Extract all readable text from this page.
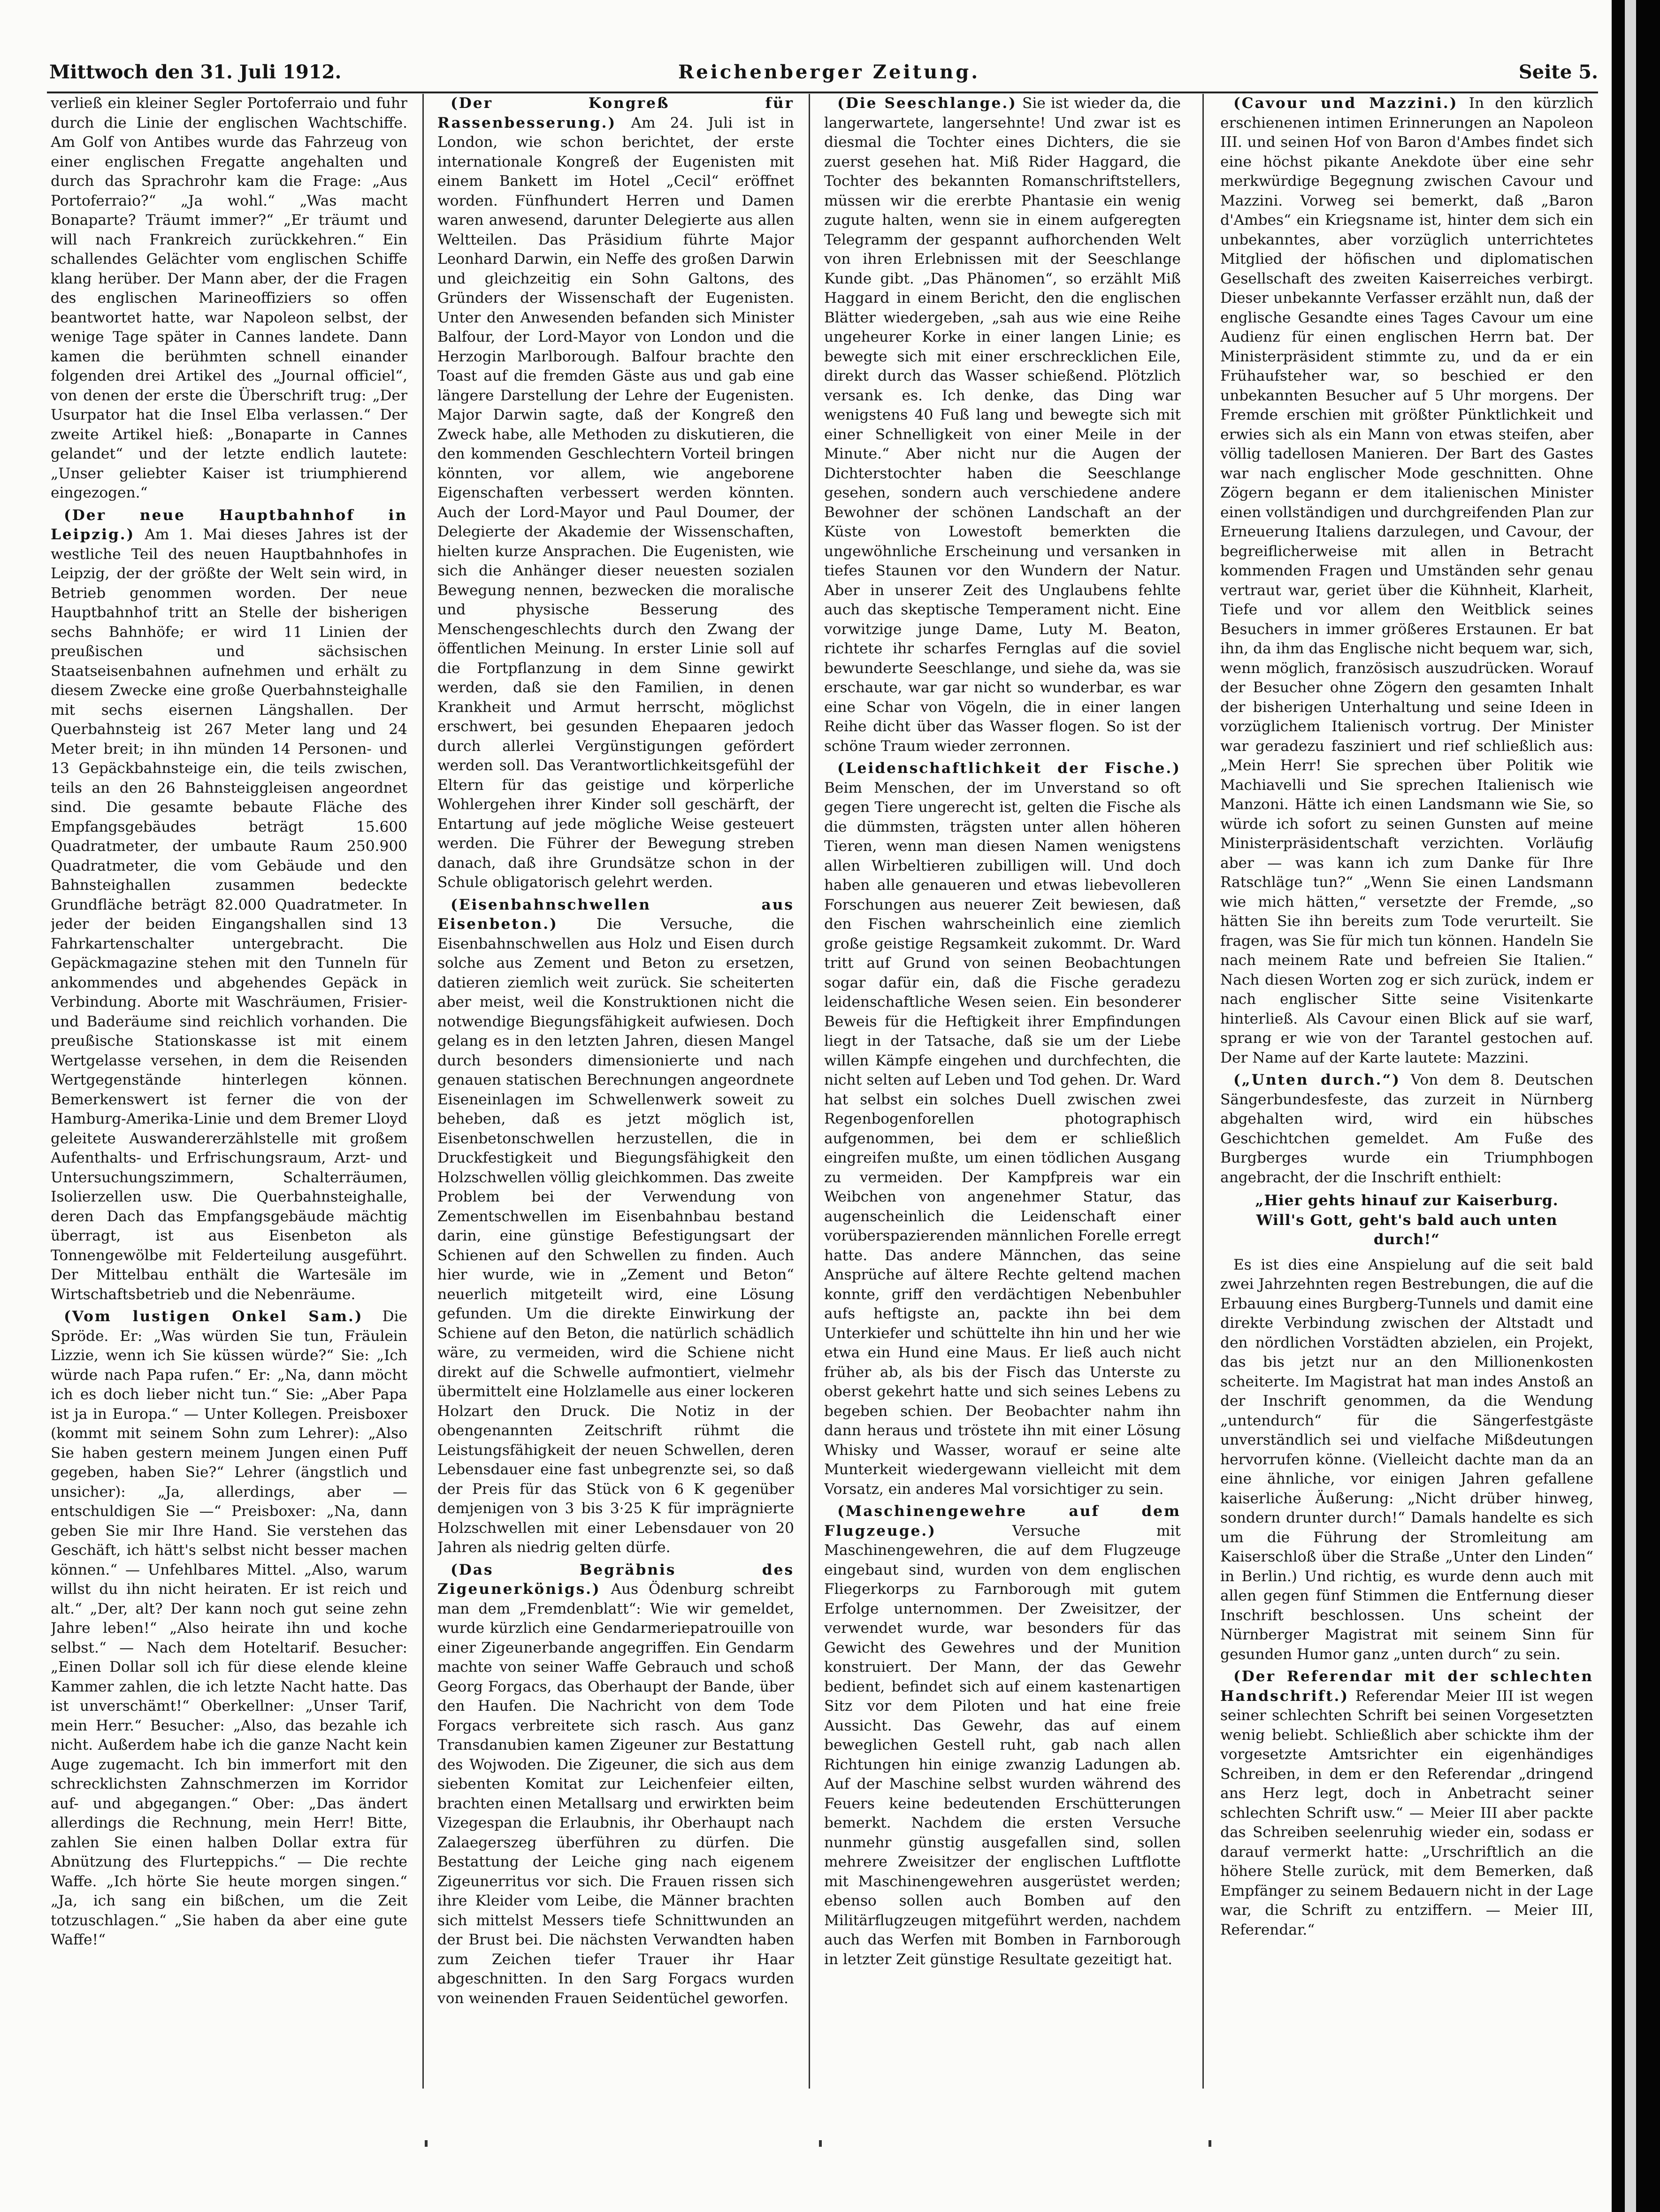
Mittwoch den 31. Juli 1912.	Reichenberger Zeitung.	Seite 5.

verließ ein kleiner Segler Portoferraio und fuhr durch die Linie der englischen Wachtschiffe. Am Golf von Antibes wurde das Fahrzeug von einer englischen Fregatte angehalten und durch das Sprachrohr kam die Frage: „Aus Portoferraio?“ „Ja wohl.“ „Was macht Bonaparte? Träumt immer?“ „Er träumt und will nach Frankreich zurückkehren.“ Ein schallendes Gelächter vom englischen Schiffe klang herüber. Der Mann aber, der die Fragen des englischen Marineoffiziers so offen beantwortet hatte, war Napoleon selbst, der wenige Tage später in Cannes landete. Dann kamen die berühmten schnell einander folgenden drei Artikel des „Journal officiel“, von denen der erste die Überschrift trug: „Der Usurpator hat die Insel Elba verlassen.“ Der zweite Artikel hieß: „Bonaparte in Cannes gelandet“ und der letzte endlich lautete: „Unser geliebter Kaiser ist triumphierend eingezogen.“

(Der neue Hauptbahnhof in Leipzig.) Am 1. Mai dieses Jahres ist der westliche Teil des neuen Hauptbahnhofes in Leipzig, der der größte der Welt sein wird, in Betrieb genommen worden. Der neue Hauptbahnhof tritt an Stelle der bisherigen sechs Bahnhöfe; er wird 11 Linien der preußischen und sächsischen Staatseisenbahnen aufnehmen und erhält zu diesem Zwecke eine große Querbahnsteighalle mit sechs eisernen Längshallen. Der Querbahnsteig ist 267 Meter lang und 24 Meter breit; in ihn münden 14 Personen- und 13 Gepäckbahnsteige ein, die teils zwischen, teils an den 26 Bahnsteiggleisen angeordnet sind. Die gesamte bebaute Fläche des Empfangsgebäudes beträgt 15.600 Quadratmeter, der umbaute Raum 250.900 Quadratmeter, die vom Gebäude und den Bahnsteighallen zusammen bedeckte Grundfläche beträgt 82.000 Quadratmeter. In jeder der beiden Eingangshallen sind 13 Fahrkartenschalter untergebracht. Die Gepäckmagazine stehen mit den Tunneln für ankommendes und abgehendes Gepäck in Verbindung. Aborte mit Waschräumen, Frisier- und Baderäume sind reichlich vorhanden. Die preußische Stationskasse ist mit einem Wertgelasse versehen, in dem die Reisenden Wertgegenstände hinterlegen können. Bemerkenswert ist ferner die von der Hamburg-Amerika-Linie und dem Bremer Lloyd geleitete Auswandererzählstelle mit großem Aufenthalts- und Erfrischungsraum, Arzt- und Untersuchungszimmern, Schalterräumen, Isolierzellen usw. Die Querbahnsteighalle, deren Dach das Empfangsgebäude mächtig überragt, ist aus Eisenbeton als Tonnengewölbe mit Felderteilung ausgeführt. Der Mittelbau enthält die Wartesäle im Wirtschaftsbetrieb und die Nebenräume.

(Vom lustigen Onkel Sam.) Die Spröde. Er: „Was würden Sie tun, Fräulein Lizzie, wenn ich Sie küssen würde?“ Sie: „Ich würde nach Papa rufen.“ Er: „Na, dann möcht ich es doch lieber nicht tun.“ Sie: „Aber Papa ist ja in Europa.“ — Unter Kollegen. Preisboxer (kommt mit seinem Sohn zum Lehrer): „Also Sie haben gestern meinem Jungen einen Puff gegeben, haben Sie?“ Lehrer (ängstlich und unsicher): „Ja, allerdings, aber — entschuldigen Sie —“ Preisboxer: „Na, dann geben Sie mir Ihre Hand. Sie verstehen das Geschäft, ich hätt's selbst nicht besser machen können.“ — Unfehlbares Mittel. „Also, warum willst du ihn nicht heiraten. Er ist reich und alt.“ „Der, alt? Der kann noch gut seine zehn Jahre leben!“ „Also heirate ihn und koche selbst.“ — Nach dem Hoteltarif. Besucher: „Einen Dollar soll ich für diese elende kleine Kammer zahlen, die ich letzte Nacht hatte. Das ist unverschämt!“ Oberkellner: „Unser Tarif, mein Herr.“ Besucher: „Also, das bezahle ich nicht. Außerdem habe ich die ganze Nacht kein Auge zugemacht. Ich bin immerfort mit den schrecklichsten Zahnschmerzen im Korridor auf- und abgegangen.“ Ober: „Das ändert allerdings die Rechnung, mein Herr! Bitte, zahlen Sie einen halben Dollar extra für Abnützung des Flurteppichs.“ — Die rechte Waffe. „Ich hörte Sie heute morgen singen.“ „Ja, ich sang ein bißchen, um die Zeit totzuschlagen.“ „Sie haben da aber eine gute Waffe!“

(Der Kongreß für Rassenbesserung.) Am 24. Juli ist in London, wie schon berichtet, der erste internationale Kongreß der Eugenisten mit einem Bankett im Hotel „Cecil“ eröffnet worden. Fünfhundert Herren und Damen waren anwesend, darunter Delegierte aus allen Weltteilen. Das Präsidium führte Major Leonhard Darwin, ein Neffe des großen Darwin und gleichzeitig ein Sohn Galtons, des Gründers der Wissenschaft der Eugenisten. Unter den Anwesenden befanden sich Minister Balfour, der Lord-Mayor von London und die Herzogin Marlborough. Balfour brachte den Toast auf die fremden Gäste aus und gab eine längere Darstellung der Lehre der Eugenisten. Major Darwin sagte, daß der Kongreß den Zweck habe, alle Methoden zu diskutieren, die den kommenden Geschlechtern Vorteil bringen könnten, vor allem, wie angeborene Eigenschaften verbessert werden könnten. Auch der Lord-Mayor und Paul Doumer, der Delegierte der Akademie der Wissenschaften, hielten kurze Ansprachen. Die Eugenisten, wie sich die Anhänger dieser neuesten sozialen Bewegung nennen, bezwecken die moralische und physische Besserung des Menschengeschlechts durch den Zwang der öffentlichen Meinung. In erster Linie soll auf die Fortpflanzung in dem Sinne gewirkt werden, daß sie den Familien, in denen Krankheit und Armut herrscht, möglichst erschwert, bei gesunden Ehepaaren jedoch durch allerlei Vergünstigungen gefördert werden soll. Das Verantwortlichkeitsgefühl der Eltern für das geistige und körperliche Wohlergehen ihrer Kinder soll geschärft, der Entartung auf jede mögliche Weise gesteuert werden. Die Führer der Bewegung streben danach, daß ihre Grundsätze schon in der Schule obligatorisch gelehrt werden.

(Eisenbahnschwellen aus Eisenbeton.)	Die Versuche, die Eisenbahnschwellen aus Holz und Eisen durch solche aus Zement und Beton zu ersetzen, datieren ziemlich weit zurück. Sie scheiterten aber meist, weil die Konstruktionen nicht die notwendige Biegungsfähigkeit aufwiesen. Doch gelang es in den letzten Jahren, diesen Mangel durch besonders dimensionierte und nach genauen statischen Berechnungen angeordnete Eiseneinlagen im Schwellenwerk soweit zu beheben, daß es jetzt möglich ist, Eisenbetonschwellen herzustellen, die in Druckfestigkeit und Biegungsfähigkeit den Holzschwellen völlig gleichkommen. Das zweite Problem bei der Verwendung von Zementschwellen im Eisenbahnbau bestand darin, eine günstige Befestigungsart der Schienen auf den Schwellen zu finden. Auch hier wurde, wie in „Zement und Beton“ neuerlich mitgeteilt wird, eine Lösung gefunden. Um die direkte Einwirkung der Schiene auf den Beton, die natürlich schädlich wäre, zu vermeiden, wird die Schiene nicht direkt auf die Schwelle aufmontiert, vielmehr übermittelt eine Holzlamelle aus einer lockeren Holzart den Druck. Die Notiz in der obengenannten Zeitschrift rühmt die Leistungsfähigkeit der neuen Schwellen, deren Lebensdauer eine fast unbegrenzte sei, so daß der Preis für das Stück von 6 K gegenüber demjenigen von 3 bis 3·25 K für imprägnierte Holzschwellen mit einer Lebensdauer von 20 Jahren als niedrig gelten dürfe.

(Das Begräbnis des Zigeunerkönigs.) Aus Ödenburg schreibt man dem „Fremdenblatt“: Wie wir gemeldet, wurde kürzlich eine Gendarmeriepatrouille von einer Zigeunerbande angegriffen. Ein Gendarm machte von seiner Waffe Gebrauch und schoß Georg Forgacs, das Oberhaupt der Bande, über den Haufen. Die Nachricht von dem Tode Forgacs verbreitete sich rasch. Aus ganz Transdanubien kamen Zigeuner zur Bestattung des Wojwoden. Die Zigeuner, die sich aus dem siebenten Komitat zur Leichenfeier eilten, brachten einen Metallsarg und erwirkten beim Vizegespan die Erlaubnis, ihr Oberhaupt nach Zalaegerszeg überführen zu dürfen. Die Bestattung der Leiche ging nach eigenem Zigeunerritus vor sich. Die Frauen rissen sich ihre Kleider vom Leibe, die Männer brachten sich mittelst Messers tiefe Schnittwunden an der Brust bei. Die nächsten Verwandten haben zum Zeichen tiefer Trauer ihr Haar abgeschnitten. In den Sarg Forgacs wurden von weinenden Frauen Seidentüchel geworfen.

(Die Seeschlange.) Sie ist wieder da, die langerwartete, langersehnte! Und zwar ist es diesmal die Tochter eines Dichters, die sie zuerst gesehen hat. Miß Rider Haggard, die Tochter des bekannten Romanschriftstellers, müssen wir die ererbte Phantasie ein wenig zugute halten, wenn sie in einem aufgeregten Telegramm der gespannt aufhorchenden Welt von ihren Erlebnissen mit der Seeschlange Kunde gibt. „Das Phänomen“, so erzählt Miß Haggard in einem Bericht, den die englischen Blätter wiedergeben, „sah aus wie eine Reihe ungeheurer Korke in einer langen Linie; es bewegte sich mit einer erschrecklichen Eile, direkt durch das Wasser schießend. Plötzlich versank es. Ich denke, das Ding war wenigstens 40 Fuß lang und bewegte sich mit einer Schnelligkeit von einer Meile in der Minute.“ Aber nicht nur die Augen der Dichterstochter haben die Seeschlange gesehen, sondern auch verschiedene andere Bewohner der schönen Landschaft an der Küste von Lowestoft bemerkten die ungewöhnliche Erscheinung und versanken in tiefes Staunen vor den Wundern der Natur. Aber in unserer Zeit des Unglaubens fehlte auch das skeptische Temperament nicht. Eine vorwitzige junge Dame, Luty M. Beaton, richtete ihr scharfes Fernglas auf die soviel bewunderte Seeschlange, und siehe da, was sie erschaute, war gar nicht so wunderbar, es war eine Schar von Vögeln, die in einer langen Reihe dicht über das Wasser flogen. So ist der schöne Traum wieder zerronnen.

(Leidenschaftlichkeit der Fische.) Beim Menschen, der im Unverstand so oft gegen Tiere ungerecht ist, gelten die Fische als die dümmsten, trägsten unter allen höheren Tieren, wenn man diesen Namen wenigstens allen Wirbeltieren zubilligen will. Und doch haben alle genaueren und etwas liebevolleren Forschungen aus neuerer Zeit bewiesen, daß den Fischen wahrscheinlich eine ziemlich große geistige Regsamkeit zukommt. Dr. Ward tritt auf Grund von seinen Beobachtungen sogar dafür ein, daß die Fische geradezu leidenschaftliche Wesen seien. Ein besonderer Beweis für die Heftigkeit ihrer Empfindungen liegt in der Tatsache, daß sie um der Liebe willen Kämpfe eingehen und durchfechten, die nicht selten auf Leben und Tod gehen. Dr. Ward hat selbst ein solches Duell zwischen zwei Regenbogenforellen photographisch aufgenommen, bei dem er schließlich eingreifen mußte, um einen tödlichen Ausgang zu vermeiden. Der Kampfpreis war ein Weibchen von angenehmer Statur, das augenscheinlich die Leidenschaft einer vorüberspazierenden männlichen Forelle erregt hatte. Das andere Männchen, das seine Ansprüche auf ältere Rechte geltend machen konnte, griff den verdächtigen Nebenbuhler aufs heftigste an, packte ihn bei dem Unterkiefer und schüttelte ihn hin und her wie etwa ein Hund eine Maus. Er ließ auch nicht früher ab, als bis der Fisch das Unterste zu oberst gekehrt hatte und sich seines Lebens zu begeben schien. Der Beobachter nahm ihn dann heraus und tröstete ihn mit einer Lösung Whisky und Wasser, worauf er seine alte Munterkeit wiedergewann vielleicht mit dem Vorsatz, ein anderes Mal vorsichtiger zu sein.

(Maschinengewehre auf dem Flugzeuge.)	Versuche mit Maschinengewehren, die auf dem Flugzeuge eingebaut sind, wurden von dem englischen Fliegerkorps zu Farnborough mit gutem Erfolge unternommen. Der Zweisitzer, der verwendet wurde, war besonders für das Gewicht des Gewehres und der Munition konstruiert. Der Mann, der das Gewehr bedient, befindet sich auf einem kastenartigen Sitz vor dem Piloten und hat eine freie Aussicht. Das Gewehr, das auf einem beweglichen Gestell ruht, gab nach allen Richtungen hin einige zwanzig Ladungen ab. Auf der Maschine selbst wurden während des Feuers keine bedeutenden Erschütterungen bemerkt. Nachdem die ersten Versuche nunmehr günstig ausgefallen sind, sollen mehrere Zweisitzer der englischen Luftflotte mit Maschinengewehren ausgerüstet werden; ebenso sollen auch Bomben auf den Militärflugzeugen mitgeführt werden, nachdem auch das Werfen mit Bomben in Farnborough in letzter Zeit günstige Resultate gezeitigt hat.

(Cavour und Mazzini.) In den kürzlich erschienenen intimen Erinnerungen an Napoleon III. und seinen Hof von Baron d'Ambes findet sich eine höchst pikante Anekdote über eine sehr merkwürdige Begegnung zwischen Cavour und Mazzini. Vorweg sei bemerkt, daß „Baron d'Ambes“ ein Kriegsname ist, hinter dem sich ein unbekanntes, aber vorzüglich unterrichtetes Mitglied der höfischen und diplomatischen Gesellschaft des zweiten Kaiserreiches verbirgt. Dieser unbekannte Verfasser erzählt nun, daß der englische Gesandte eines Tages Cavour um eine Audienz für einen englischen Herrn bat. Der Ministerpräsident stimmte zu, und da er ein Frühaufsteher war, so beschied er den unbekannten Besucher auf 5 Uhr morgens. Der Fremde erschien mit größter Pünktlichkeit und erwies sich als ein Mann von etwas steifen, aber völlig tadellosen Manieren. Der Bart des Gastes war nach englischer Mode geschnitten. Ohne Zögern begann er dem italienischen Minister einen vollständigen und durchgreifenden Plan zur Erneuerung Italiens darzulegen, und Cavour, der begreiflicherweise mit allen in Betracht kommenden Fragen und Umständen sehr genau vertraut war, geriet über die Kühnheit, Klarheit, Tiefe und vor allem den Weitblick seines Besuchers in immer größeres Erstaunen. Er bat ihn, da ihm das Englische nicht bequem war, sich, wenn möglich, französisch auszudrücken. Worauf der Besucher ohne Zögern den gesamten Inhalt der bisherigen Unterhaltung und seine Ideen in vorzüglichem Italienisch vortrug. Der Minister war geradezu fasziniert und rief schließlich aus: „Mein Herr! Sie sprechen über Politik wie Machiavelli und Sie sprechen Italienisch wie Manzoni. Hätte ich einen Landsmann wie Sie, so würde ich sofort zu seinen Gunsten auf meine Ministerpräsidentschaft verzichten. Vorläufig aber — was kann ich zum Danke für Ihre Ratschläge tun?“ „Wenn Sie einen Landsmann wie mich hätten,“ versetzte der Fremde, „so hätten Sie ihn bereits zum Tode verurteilt. Sie fragen, was Sie für mich tun können. Handeln Sie nach meinem Rate und befreien Sie Italien.“ Nach diesen Worten zog er sich zurück, indem er nach englischer Sitte seine Visitenkarte hinterließ. Als Cavour einen Blick auf sie warf, sprang er wie von der Tarantel gestochen auf. Der Name auf der Karte lautete: Mazzini.

(„Unten durch.“) Von dem 8. Deutschen Sängerbundesfeste, das zurzeit in Nürnberg abgehalten wird, wird ein hübsches Geschichtchen gemeldet. Am Fuße des Burgberges wurde ein Triumphbogen angebracht, der die Inschrift enthielt:

„Hier gehts hinauf zur Kaiserburg.
Will's Gott, geht's bald auch unten
durch!“

Es ist dies eine Anspielung auf die seit bald zwei Jahrzehnten regen Bestrebungen, die auf die Erbauung eines Burgberg-Tunnels und damit eine direkte Verbindung zwischen der Altstadt und den nördlichen Vorstädten abzielen, ein Projekt, das bis jetzt nur an den Millionenkosten scheiterte. Im Magistrat hat man indes Anstoß an der Inschrift genommen, da die Wendung „untendurch“ für die Sängerfestgäste unverständlich sei und vielfache Mißdeutungen hervorrufen könne. (Vielleicht dachte man da an eine ähnliche, vor einigen Jahren gefallene kaiserliche Äußerung: „Nicht drüber hinweg, sondern drunter durch!“ Damals handelte es sich um die Führung der Stromleitung am Kaiserschloß über die Straße „Unter den Linden“ in Berlin.) Und richtig, es wurde denn auch mit allen gegen fünf Stimmen die Entfernung dieser Inschrift beschlossen. Uns scheint der Nürnberger Magistrat mit seinem Sinn für gesunden Humor ganz „unten durch“ zu sein.

(Der Referendar mit der schlechten Handschrift.) Referendar Meier III ist wegen seiner schlechten Schrift bei seinen Vorgesetzten wenig beliebt. Schließlich aber schickte ihm der vorgesetzte Amtsrichter ein eigenhändiges Schreiben, in dem er den Referendar „dringend ans Herz legt, doch in Anbetracht seiner schlechten Schrift usw.“ — Meier III aber packte das Schreiben seelenruhig wieder ein, sodass er darauf vermerkt hatte: „Urschriftlich an die höhere Stelle zurück, mit dem Bemerken, daß Empfänger zu seinem Bedauern nicht in der Lage war, die Schrift zu entziffern. — Meier III, Referendar.“
